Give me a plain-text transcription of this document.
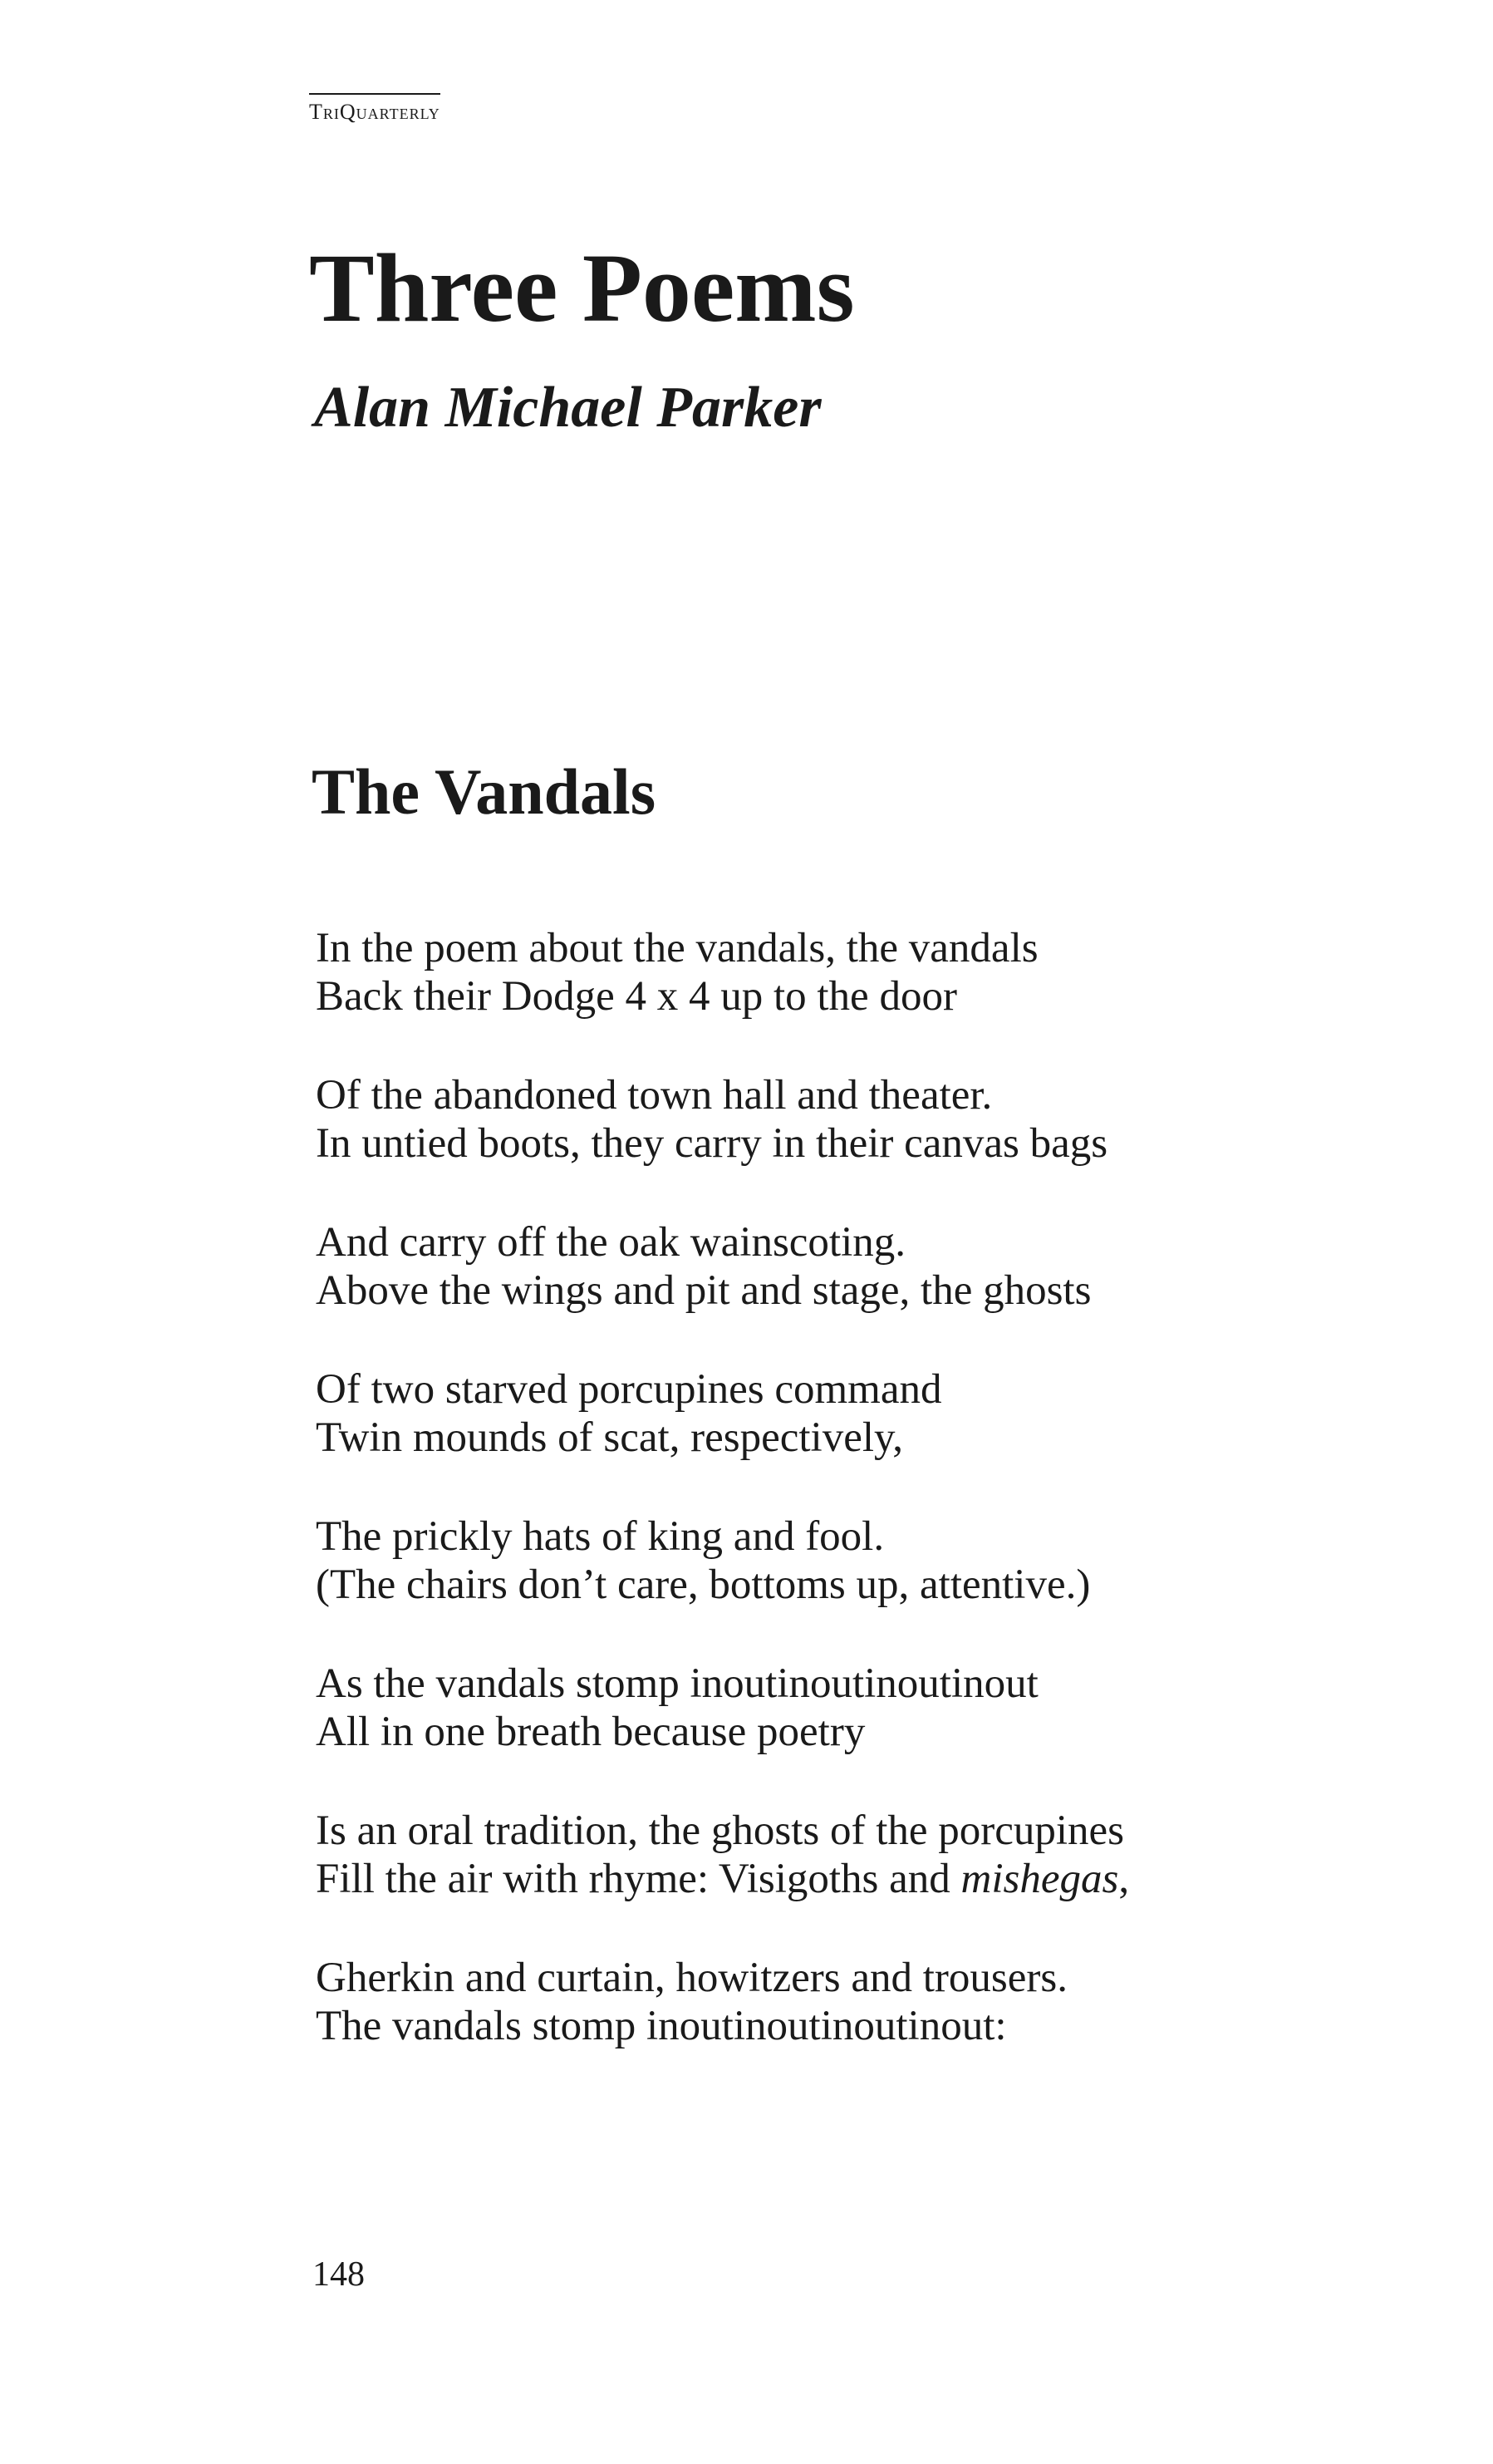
TriQuarterly
Three Poems
Alan Michael Parker
The Vandals

In the poem about the vandals, the vandals
Back their Dodge 4 x 4 up to the door

Of the abandoned town hall and theater.
In untied boots, they carry in their canvas bags

And carry off the oak wainscoting.
Above the wings and pit and stage, the ghosts

Of two starved porcupines command
Twin mounds of scat, respectively,

The prickly hats of king and fool.
(The chairs don’t care, bottoms up, attentive.)

As the vandals stomp inoutinoutinoutinout
All in one breath because poetry

Is an oral tradition, the ghosts of the porcupines
Fill the air with rhyme: Visigoths and mishegas,

Gherkin and curtain, howitzers and trousers.
The vandals stomp inoutinoutinoutinout:

148
